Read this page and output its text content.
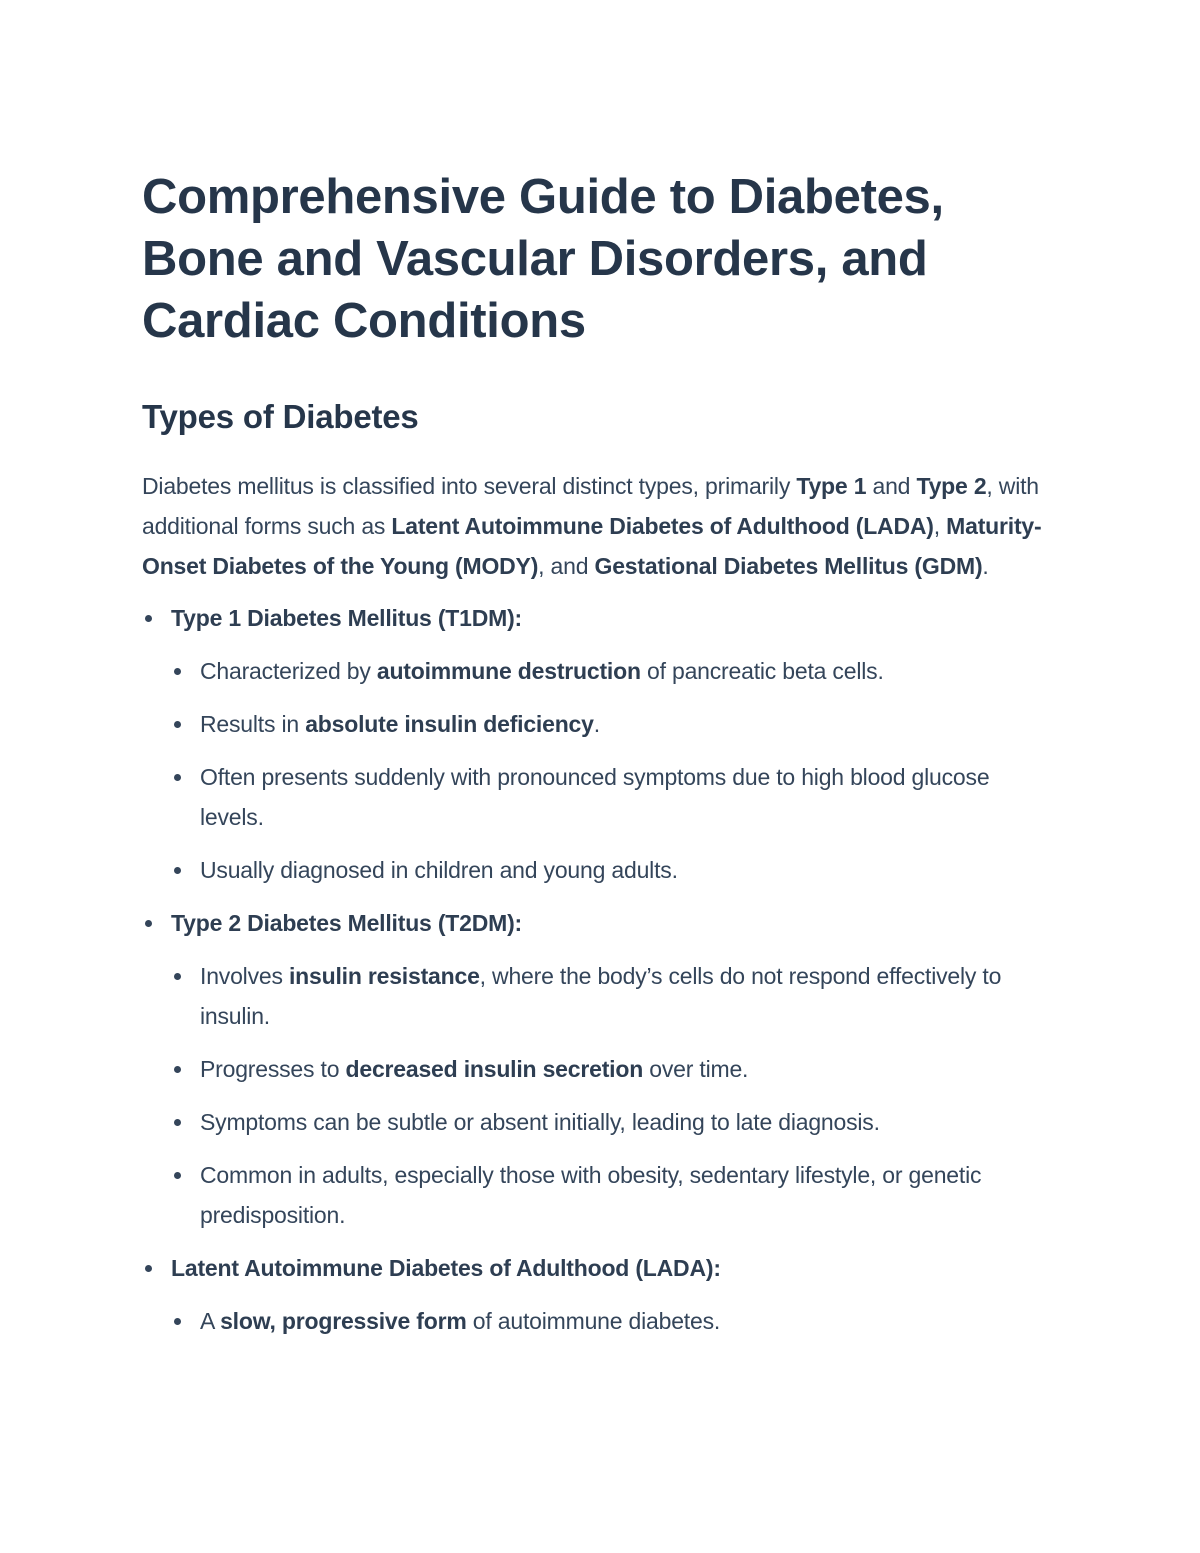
Comprehensive Guide to Diabetes, Bone and Vascular Disorders, and Cardiac Conditions
Types of Diabetes

Diabetes mellitus is classified into several distinct types, primarily Type 1 and Type 2, with additional forms such as Latent Autoimmune Diabetes of Adulthood (LADA), Maturity-Onset Diabetes of the Young (MODY), and Gestational Diabetes Mellitus (GDM).

Type 1 Diabetes Mellitus (T1DM):
Characterized by autoimmune destruction of pancreatic beta cells.
Results in absolute insulin deficiency.
Often presents suddenly with pronounced symptoms due to high blood glucose levels.
Usually diagnosed in children and young adults.
Type 2 Diabetes Mellitus (T2DM):
Involves insulin resistance, where the body’s cells do not respond effectively to insulin.
Progresses to decreased insulin secretion over time.
Symptoms can be subtle or absent initially, leading to late diagnosis.
Common in adults, especially those with obesity, sedentary lifestyle, or genetic predisposition.
Latent Autoimmune Diabetes of Adulthood (LADA):
A slow, progressive form of autoimmune diabetes.
